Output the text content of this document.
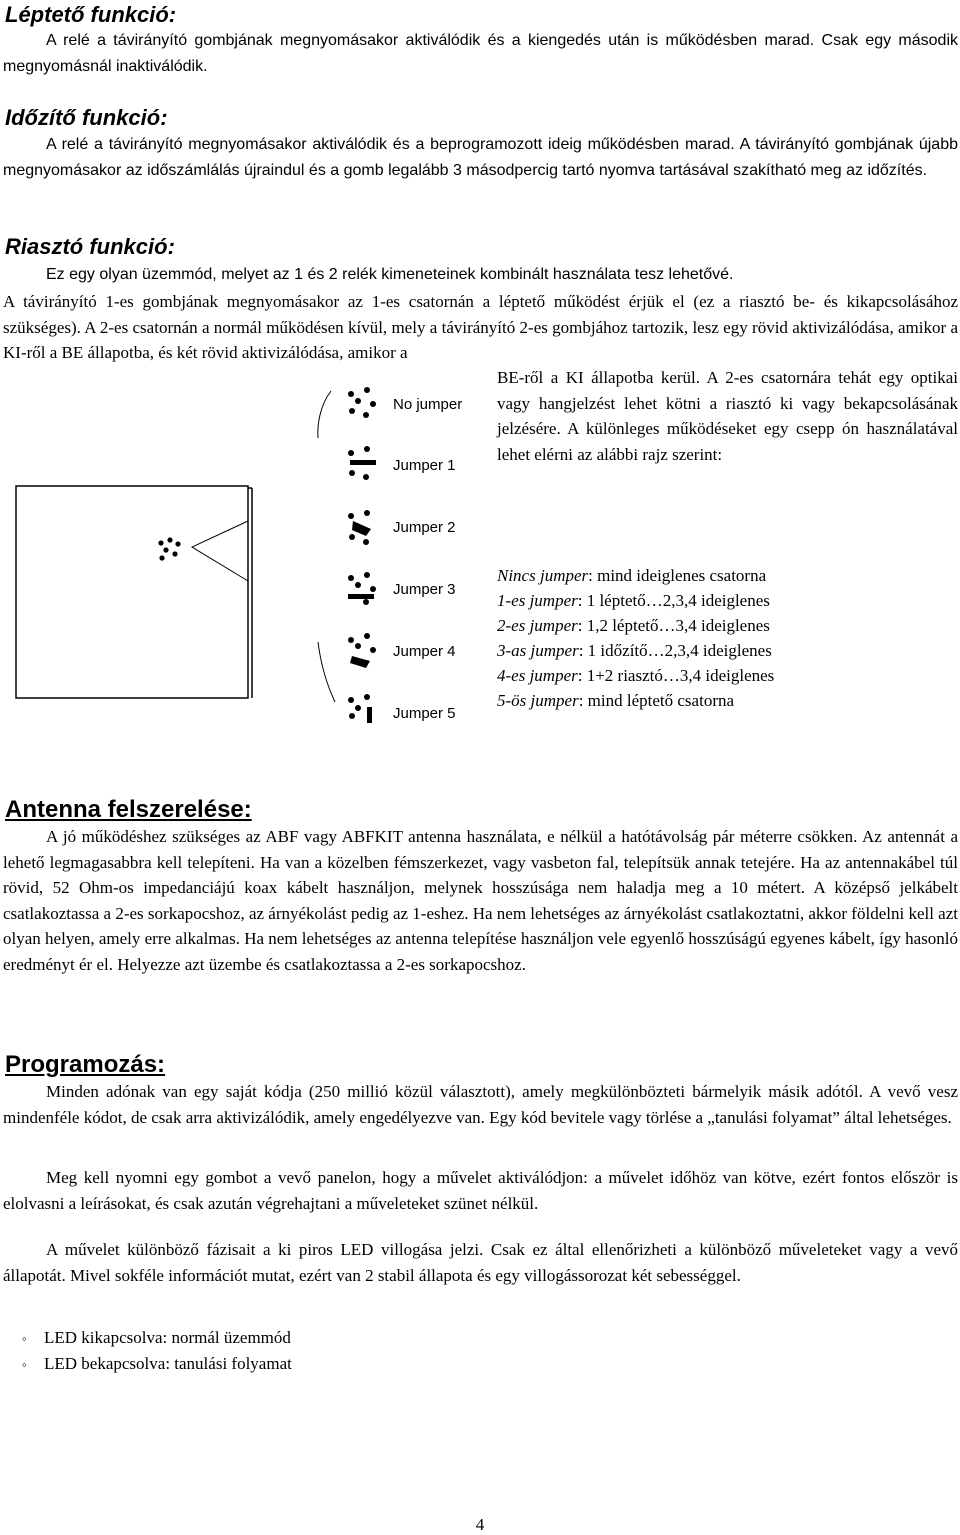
Léptető funkció:

A relé a távirányító gombjának megnyomásakor aktiválódik és a kiengedés után is működésben marad. Csak egy második megnyomásnál inaktiválódik.

Időzítő funkció:

A relé a távirányító megnyomásakor aktiválódik és a beprogramozott ideig működésben marad. A távirányító gombjának újabb megnyomásakor az időszámlálás újraindul és a gomb legalább 3 másodpercig tartó nyomva tartásával szakítható meg az időzítés.

Riasztó funkció:

Ez egy olyan üzemmód, melyet az 1 és 2 relék kimeneteinek kombinált használata tesz lehetővé.

A távirányító 1-es gombjának megnyomásakor az 1-es csatornán a léptető működést érjük el (ez a riasztó be- és kikapcsolásához szükséges). A 2-es csatornán a normál működésen kívül, mely a távirányító 2-es gombjához tartozik, lesz egy rövid aktivizálódása, amikor a KI-ről a BE állapotba, és két rövid aktivizálódása, amikor a

BE-ről a KI állapotba kerül. A 2-es csatornára tehát egy optikai vagy hangjelzést lehet kötni a riasztó ki vagy bekapcsolásának jelzésére. A különleges működéseket egy csepp ón használatával lehet elérni az alábbi rajz szerint:

No jumper
Jumper 1
Jumper 2
Jumper 3
Jumper 4
Jumper 5
Nincs jumper: mind ideiglenes csatorna
1-es jumper: 1 léptető…2,3,4 ideiglenes
2-es jumper: 1,2 léptető…3,4 ideiglenes
3-as jumper: 1 időzítő…2,3,4 ideiglenes
4-es jumper: 1+2 riasztó…3,4 ideiglenes
5-ös jumper: mind léptető csatorna
Antenna felszerelése:

A jó működéshez szükséges az ABF vagy ABFKIT antenna használata, e nélkül a hatótávolság pár méterre csökken. Az antennát a lehető legmagasabbra kell telepíteni. Ha van a közelben fémszerkezet, vagy vasbeton fal, telepítsük annak tetejére. Ha az antennakábel túl rövid, 52 Ohm-os impedanciájú koax kábelt használjon, melynek hosszúsága nem haladja meg a 10 métert. A középső jelkábelt csatlakoztassa a 2-es sorkapocshoz, az árnyékolást pedig az 1-eshez. Ha nem lehetséges az árnyékolást csatlakoztatni, akkor földelni kell azt olyan helyen, amely erre alkalmas. Ha nem lehetséges az antenna telepítése használjon vele egyenlő hosszúságú egyenes kábelt, így hasonló eredményt ér el. Helyezze azt üzembe és csatlakoztassa a 2-es sorkapocshoz.

Programozás:

Minden adónak van egy saját kódja (250 millió közül választott), amely megkülönbözteti bármelyik másik adótól. A vevő vesz mindenféle kódot, de csak arra aktivizálódik, amely engedélyezve van. Egy kód bevitele vagy törlése a „tanulási folyamat” által lehetséges.

Meg kell nyomni egy gombot a vevő panelon, hogy a művelet aktiválódjon: a művelet időhöz van kötve, ezért fontos először is elolvasni a leírásokat, és csak azután végrehajtani a műveleteket szünet nélkül.

A művelet különböző fázisait a ki piros LED villogása jelzi. Csak ez által ellenőrizheti a különböző műveleteket vagy a vevő állapotát. Mivel sokféle információt mutat, ezért van 2 stabil állapota és egy villogássorozat két sebességgel.

◦ LED kikapcsolva: normál üzemmód
◦ LED bekapcsolva: tanulási folyamat
4
